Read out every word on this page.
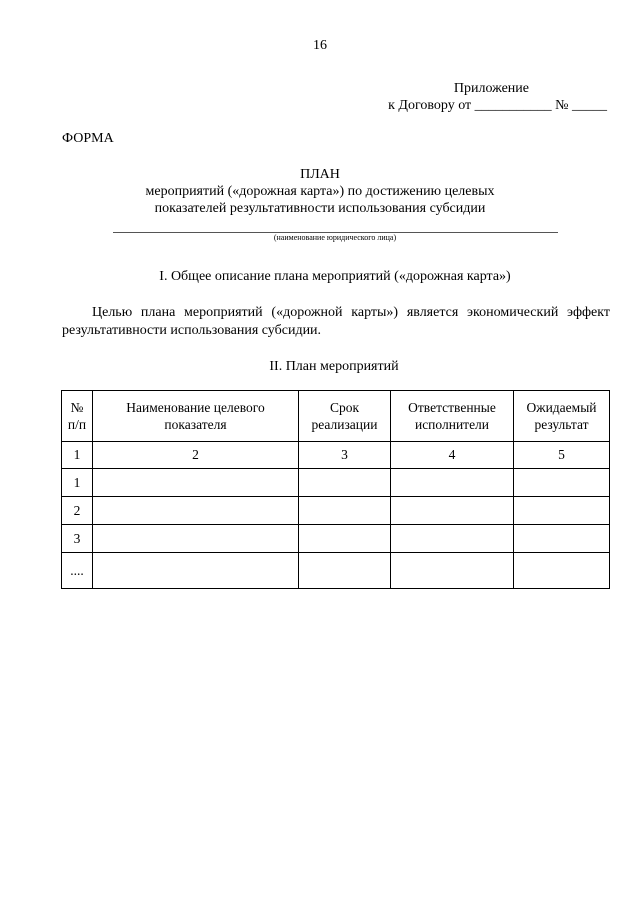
16
Приложение
к Договору от ___________ № _____
ФОРМА
ПЛАН
мероприятий («дорожная карта») по достижению целевых
показателей результативности использования субсидии
(наименование юридического лица)
I. Общее описание плана мероприятий («дорожная карта»)
Целью плана мероприятий («дорожной карты») является экономический эффект результативности использования субсидии.
II. План мероприятий
№ п/п	Наименование целевого показателя	Срок реализации	Ответственные исполнители	Ожидаемый результат
1	2	3	4	5
1				
2				
3				
....				
